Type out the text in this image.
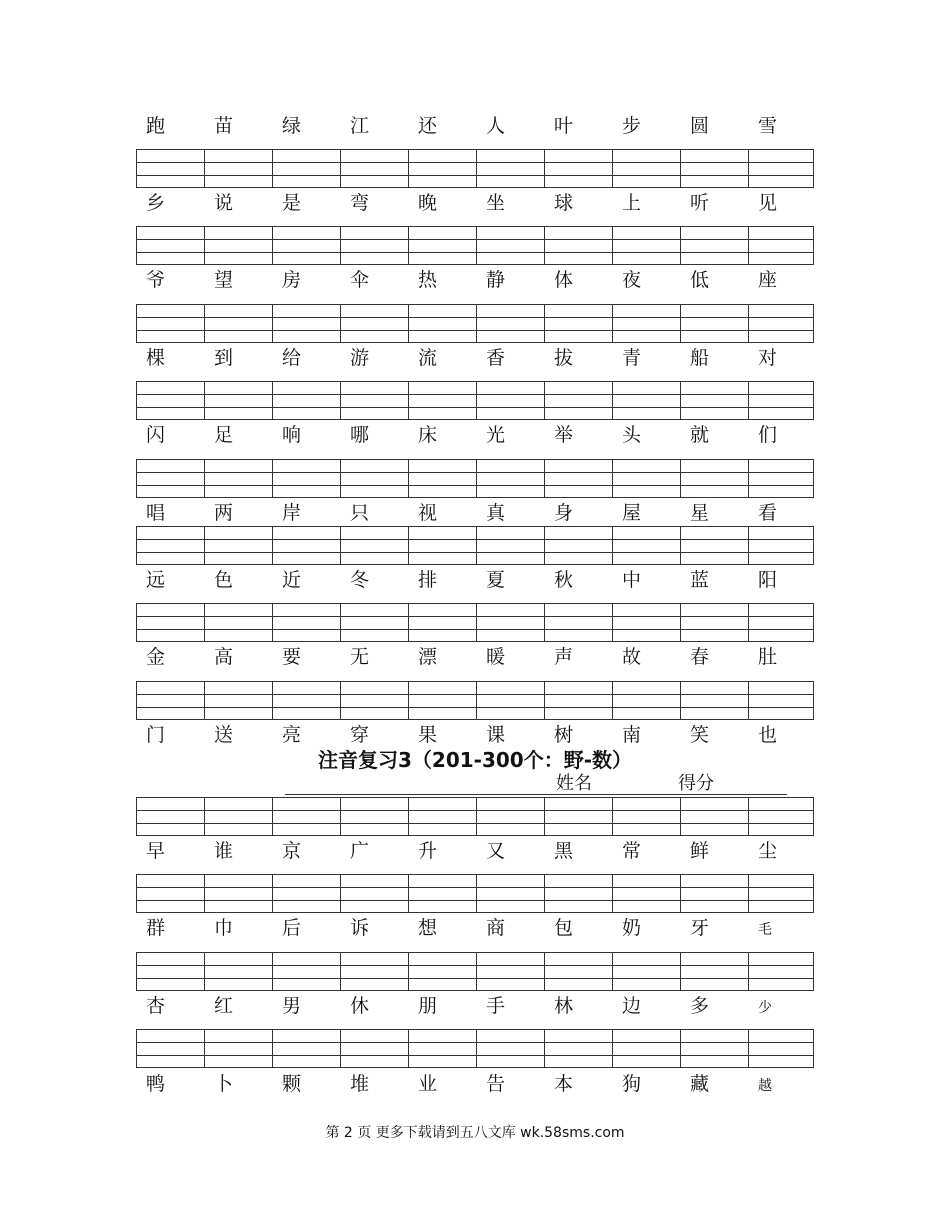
注音复习3（201-300个：野-数）
姓名	得分
第 2 页 更多下载请到五八文库 wk.58sms.com
跑	苗	绿	江	还	人	叶	步	圆	雪
乡	说	是	弯	晚	坐	球	上	听	见
爷	望	房	伞	热	静	体	夜	低	座
棵	到	给	游	流	香	拔	青	船	对
闪	足	响	哪	床	光	举	头	就	们
唱	两	岸	只	视	真	身	屋	星	看
远	色	近	冬	排	夏	秋	中	蓝	阳
金	高	要	无	漂	暖	声	故	春	肚
门	送	亮	穿	果	课	树	南	笑	也
早	谁	京	广	升	又	黑	常	鲜	尘
群	巾	后	诉	想	商	包	奶	牙	毛
杏	红	男	休	朋	手	林	边	多	少
鸭	卜	颗	堆	业	告	本	狗	藏	越
